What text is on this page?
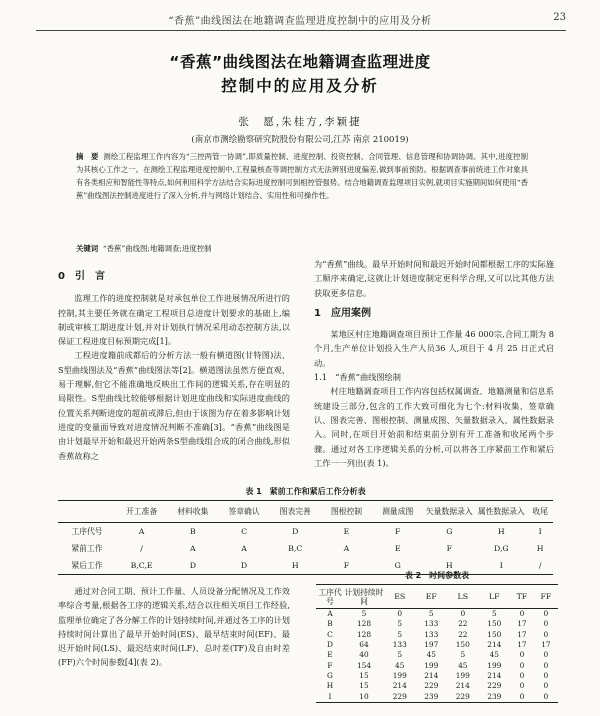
“香蕉”曲线图法在地籍调查监理进度控制中的应用及分析	23
“香蕉”曲线图法在地籍调查监理进度
控制中的应用及分析
张　愿,朱桂方,李颖捷
(南京市测绘勘察研究院股份有限公司,江苏 南京 210019)
摘　要 测绘工程监理工作内容为“三控两管一协调”,即质量控制、进度控制、投资控制、合同管理、信息管理和协调协调。其中,进度控制为其核心工作之一。在测绘工程监理进度控制中,工程量核查等调控制方式无法辨别进度偏差,做到事前预防。根据调查事前统进工作对象具有各类相应和智能性等特点,如何利用科学方法结合实际进度控制可到相控管强势。结合地籍调查监理项目实例,就项目实施期间如何使用“香蕉”曲线图法控制进度进行了深入分析,并与网络计划结合、实用性和可操作性。
关键词 “香蕉”曲线图;地籍调查;进度控制
0　引　言

监理工作的进度控制就是对承包单位工作进展情况所进行的控制,其主要任务就在确定工程项目总进度计划要求的基础上,编制或审核工期进度计划,并对计划执行情况采用动态控制方法,以保证工程进度目标预期完成[1]。

工程进度籍前成都后的分析方法一般有横道图(甘特图)法、S型曲线图法及“香蕉”曲线图法等[2]。横道图法虽然方便直观、易于理解,但它不能准确地反映出工作间的逻辑关系,存在明显的局限性。S型曲线比较能够根据计划进度曲线和实际进度曲线的位置关系判断进度的超前或滞后,但由于该图为存在着多影响计划进度的变量面导致对进度情况判断不准确[3]。“香蕉”曲线图是由计划最早开始和最迟开始两条S型曲线组合成的闭合曲线,形似香蕉故称之

为“香蕉”曲线。最早开始时间和最迟开始时间都根据工序的实际施工顺序来确定,这就让计划进度制定更科学合理,又可以比其他方法获取更多信息。

1　应用案例

某地区村庄地籍调查项目预计工作量 46 000宗,合同工期为 8 个月,生产单位计划投入生产人员36 人,项目于 4 月 25 日正式启动。

1.1　“香蕉”曲线图绘制

村庄地籍调查项目工作内容包括权属调查、地籍测量和信息系统建设三部分,包含的工作大致可细化为七个:材料收集、签章确认、图表完善、图根控制、测量成图、矢量数据录入、属性数据录入。同时,在项目开始前和结束前分别有开工准备和收尾两个步骤。通过对各工序逻辑关系的分析,可以将各工序紧前工作和紧后工作一一列出(表 1)。

表 1　紧前工作和紧后工作分析表
	开工准备	材料收集	签章确认	图表完善	图根控制	测量成图	矢量数据录入	属性数据录入	收尾
工序代号	A	B	C	D	E	F	G	H	I
紧前工作	/	A	A	B,C	A	E	F	D,G	H
紧后工作	B,C,E	D	D	H	F	G	H	I	/

通过对合同工期、预计工作量、人员设备分配情况及工作效率综合考量,根据各工序的逻辑关系,结合以往相关项目工作经验,监理单位确定了各分解工作的计划持续时间,并通过各工序的计划持续时间计算出了最早开始时间(ES)、最早结束时间(EF)、最迟开始时间(LS)、最迟结束时间(LF)、总时差(TF)及自由时差(FF)六个时间参数[4](表 2)。

表 2　时间参数表
工序代号	计划持续时间	ES	EF	LS	LF	TF	FF
A	5	0	5	0	5	0	0
B	128	5	133	22	150	17	0
C	128	5	133	22	150	17	0
D	64	133	197	150	214	17	17
E	40	5	45	5	45	0	0
F	154	45	199	45	199	0	0
G	15	199	214	199	214	0	0
H	15	214	229	214	229	0	0
I	10	229	239	229	239	0	0
